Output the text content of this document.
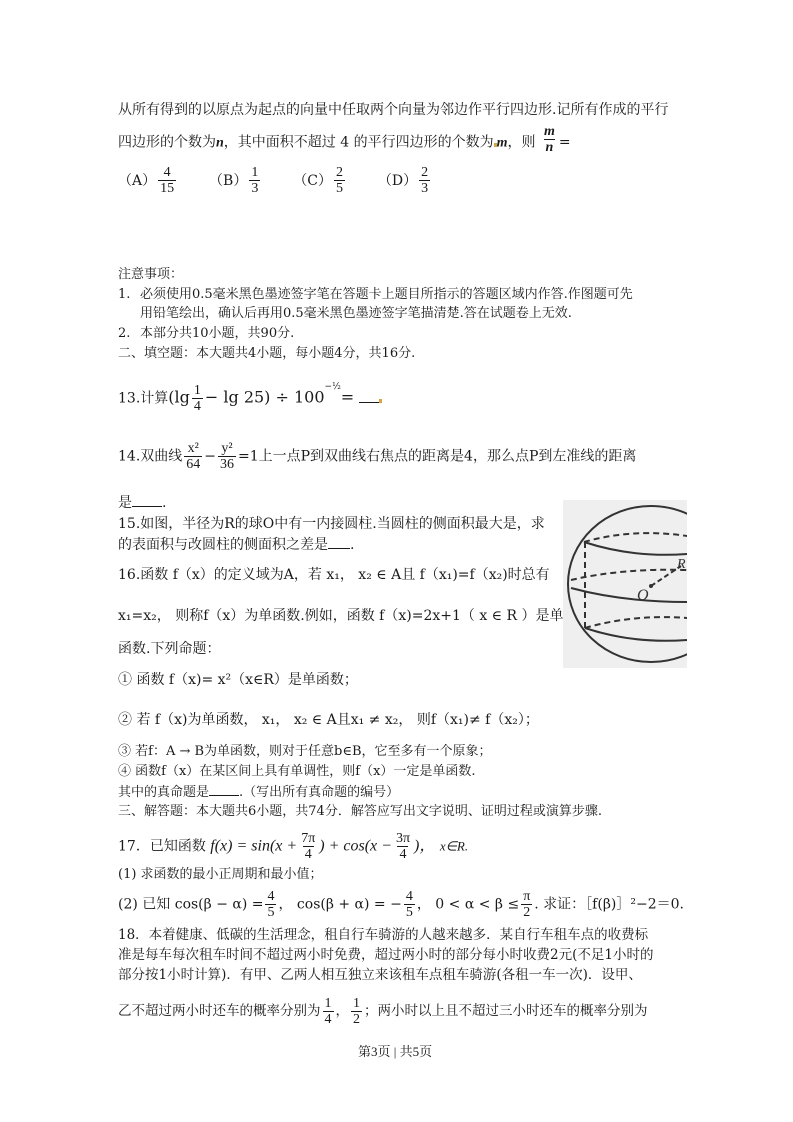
从所有得到的以原点为起点的向量中任取两个向量为邻边作平行四边形.记所有作成的平行
四边形的个数为n，其中面积不超过 4 的平行四边形的个数为 m，则 $\frac{m}{n}$ =
$(A) \frac{4}{15} (B) \frac{1}{3} (C) \frac{2}{5} (D) \frac{2}{3}$
注意事项：
1. 必须使用0.5毫米黑色墨迹签字笔在答题卡上题目所指示的答题区域内作答.作图题可先
用铅笔绘出，确认后再用0.5毫米黑色墨迹签字笔描清楚.答在试题卷上无效.
2. 本部分共10小题，共90分.
二、填空题：本大题共4小题，每小题4分，共16分.
13.计算$(\lg \frac{1}{4} - \lg 25) \div 100^{-\frac{1}{2}}=$
14.双曲线 $\frac{\text{x²}}{64} - \frac{\text{y²}}{36} =1$上一点P到双曲线右焦点的距离是4，那么点P到左准线的距离
是 .
15.如图，半径为R的球O中有一内接圆柱.当圆柱的侧面积最大是，求
的表面积与改圆柱的侧面积之差是 .
O
R
16.函数 f（x）的定义域为A，若 x₁， x₂ ∈ A且 f（x₁)=f（x₂)时总有
x₁=x₂， 则称f（x）为单函数.例如，函数 f（x)=2x+1（ x ∈ R ）是单
函数.下列命题：
① 函数 f（x)= x²（x∈R）是单函数；
② 若 f（x)为单函数， x₁， x₂ ∈ A且x₁ ≠ x₂， 则f（x₁)≠ f（x₂）；
③ 若f：A → B为单函数，则对于任意b∈B，它至多有一个原象；
④ 函数f（x）在某区间上具有单调性，则f（x）一定是单函数.
其中的真命题是 .（写出所有真命题的编号）
三、解答题：本大题共6小题，共74分．解答应写出文字说明、证明过程或演算步骤.
17．已知函数 $f(x) = \sin(x + \frac{7\pi}{4}$ ) + $\cos(x - \frac{3\pi}{4}$ )， x∈R.
(1) 求函数的最小正周期和最小值；
(2) 已知 $\cos(\beta - \alpha) = \frac{4}{5}$ ， cos(β + α) = − $\frac{4}{5}$ ， $0 < \alpha < \beta \le \frac{\pi}{2}$ . 求证：［f(β)］²−2＝0.
18．本着健康、低碳的生活理念，租自行车骑游的人越来越多．某自行车租车点的收费标
准是每车每次租车时间不超过两小时免费，超过两小时的部分每小时收费2元(不足1小时的
部分按1小时计算)．有甲、乙两人相互独立来该租车点租车骑游(各租一车一次)．设甲、
乙不超过两小时还车的概率分别为 $\frac{1}{4}$ ， $\frac{1}{2}$ ；两小时以上且不超过三小时还车的概率分别为
第3页 | 共5页
